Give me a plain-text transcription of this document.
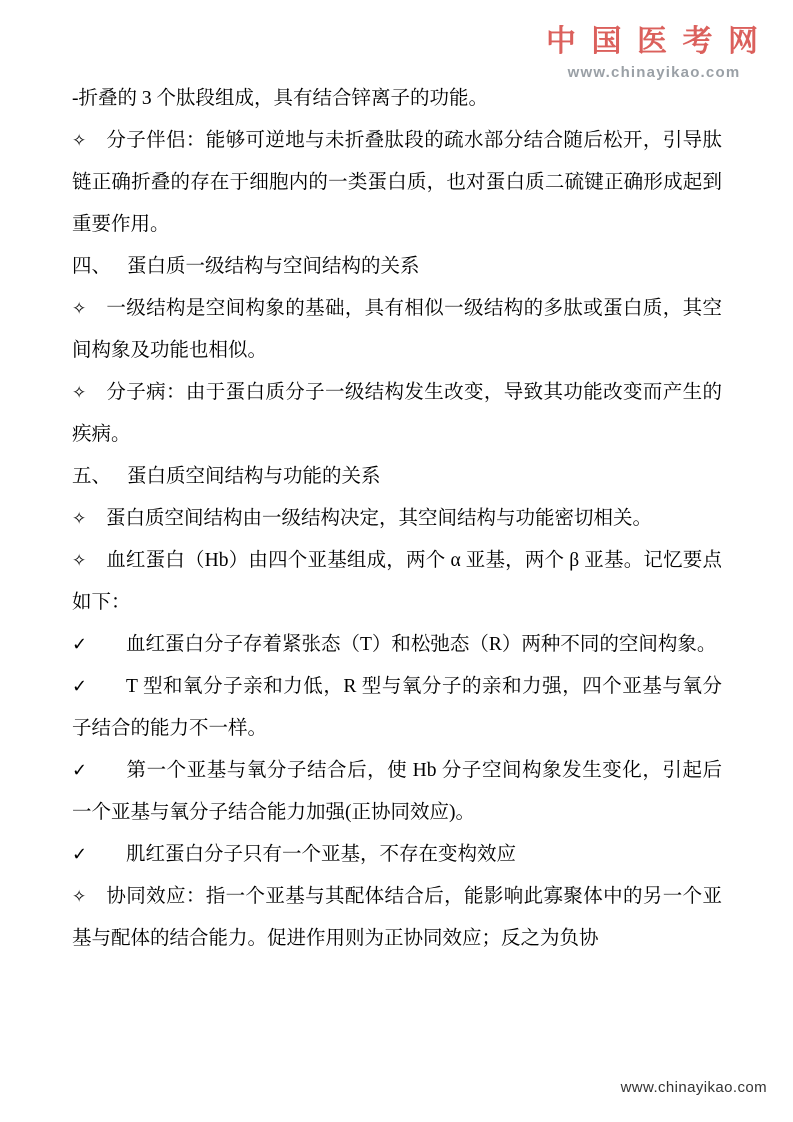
中 国 医 考 网
www.chinayikao.com

-折叠的 3 个肽段组成，具有结合锌离子的功能。

✧ 分子伴侣：能够可逆地与未折叠肽段的疏水部分结合随后松开，引导肽链正确折叠的存在于细胞内的一类蛋白质，也对蛋白质二硫键正确形成起到重要作用。

四、 蛋白质一级结构与空间结构的关系

✧ 一级结构是空间构象的基础，具有相似一级结构的多肽或蛋白质，其空间构象及功能也相似。

✧ 分子病：由于蛋白质分子一级结构发生改变，导致其功能改变而产生的疾病。

五、 蛋白质空间结构与功能的关系

✧ 蛋白质空间结构由一级结构决定，其空间结构与功能密切相关。

✧ 血红蛋白（Hb）由四个亚基组成，两个 α 亚基，两个 β 亚基。记忆要点如下：

✓ 血红蛋白分子存着紧张态（T）和松弛态（R）两种不同的空间构象。

✓ T 型和氧分子亲和力低，R 型与氧分子的亲和力强，四个亚基与氧分子结合的能力不一样。

✓ 第一个亚基与氧分子结合后，使 Hb 分子空间构象发生变化，引起后一个亚基与氧分子结合能力加强(正协同效应)。

✓ 肌红蛋白分子只有一个亚基，不存在变构效应

✧ 协同效应：指一个亚基与其配体结合后，能影响此寡聚体中的另一个亚基与配体的结合能力。促进作用则为正协同效应；反之为负协

www.chinayikao.com
